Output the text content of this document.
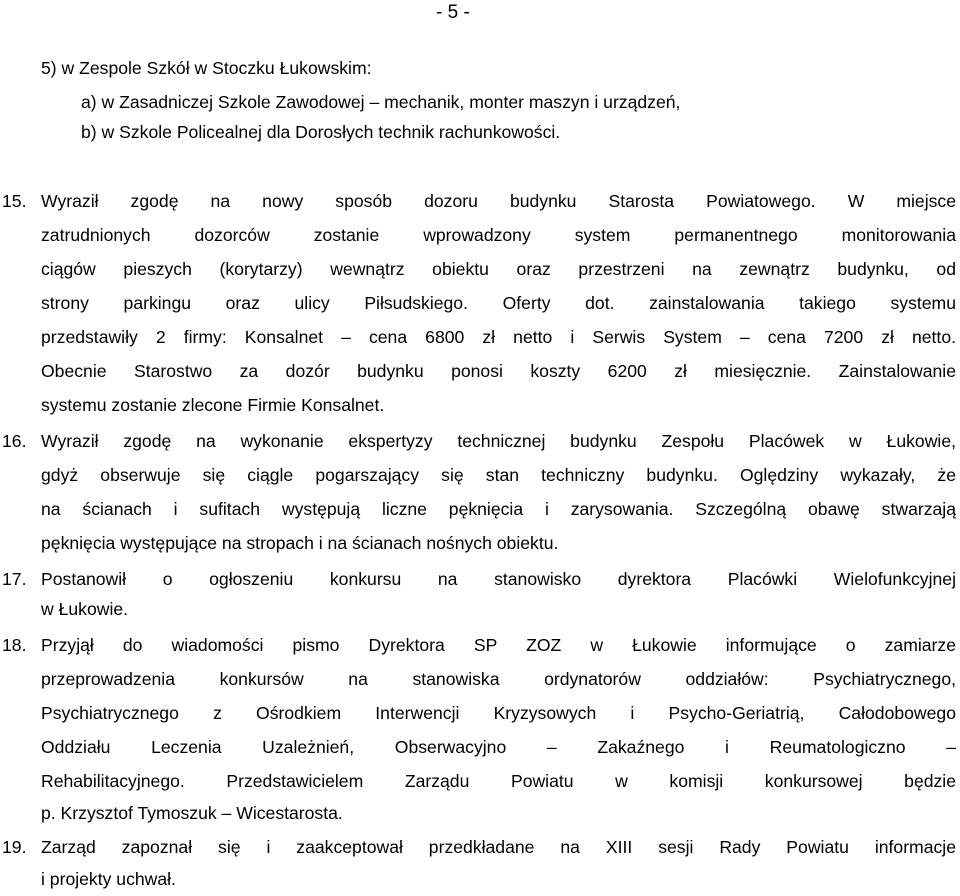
- 5 -
5) w Zespole Szkół w Stoczku Łukowskim:
a) w Zasadniczej Szkole Zawodowej – mechanik, monter maszyn i urządzeń,
b) w Szkole Policealnej dla Dorosłych technik rachunkowości.
15. Wyraził zgodę na nowy sposób dozoru budynku Starosta Powiatowego. W miejsce
zatrudnionych dozorców zostanie wprowadzony system permanentnego monitorowania
ciągów pieszych (korytarzy) wewnątrz obiektu oraz przestrzeni na zewnątrz budynku, od
strony parkingu oraz ulicy Piłsudskiego. Oferty dot. zainstalowania takiego systemu
przedstawiły 2 firmy: Konsalnet – cena 6800 zł netto i Serwis System – cena 7200 zł netto.
Obecnie Starostwo za dozór budynku ponosi koszty 6200 zł miesięcznie. Zainstalowanie
systemu zostanie zlecone Firmie Konsalnet.
16. Wyraził zgodę na wykonanie ekspertyzy technicznej budynku Zespołu Placówek w Łukowie,
gdyż obserwuje się ciągle pogarszający się stan techniczny budynku. Oględziny wykazały, że
na ścianach i sufitach występują liczne pęknięcia i zarysowania. Szczególną obawę stwarzają
pęknięcia występujące na stropach i na ścianach nośnych obiektu.
17. Postanowił o ogłoszeniu konkursu na stanowisko dyrektora Placówki Wielofunkcyjnej
w Łukowie.
18. Przyjął do wiadomości pismo Dyrektora SP ZOZ w Łukowie informujące o zamiarze
przeprowadzenia konkursów na stanowiska ordynatorów oddziałów: Psychiatrycznego,
Psychiatrycznego z Ośrodkiem Interwencji Kryzysowych i Psycho-Geriatrią, Całodobowego
Oddziału Leczenia Uzależnień, Obserwacyjno – Zakaźnego i Reumatologiczno –
Rehabilitacyjnego. Przedstawicielem Zarządu Powiatu w komisji konkursowej będzie
p. Krzysztof Tymoszuk – Wicestarosta.
19. Zarząd zapoznał się i zaakceptował przedkładane na XIII sesji Rady Powiatu informacje
i projekty uchwał.
